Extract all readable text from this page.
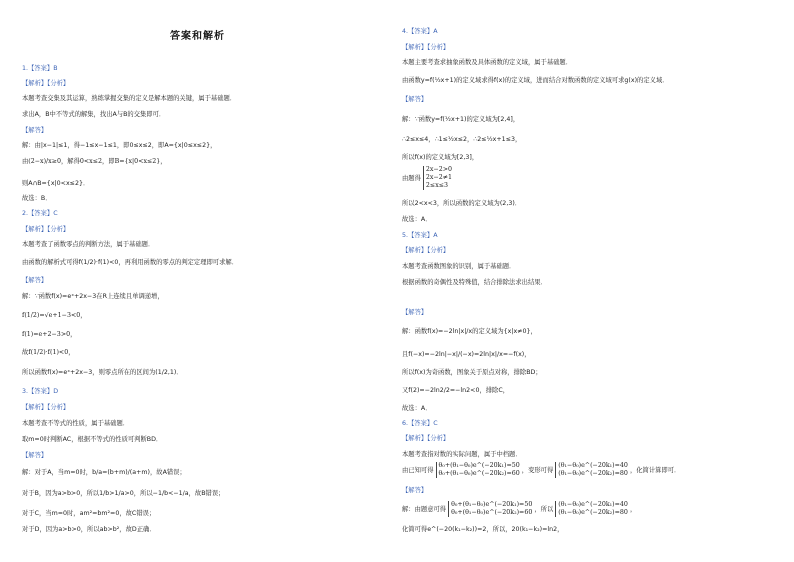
答案和解析
1.【答案】B
【解析】【分析】
本题考查交集及其运算，熟练掌握交集的定义是解本题的关键，属于基础题．
求出A，B中不等式的解集，找出A与B的交集即可．
【解答】
解：由|x−1|≤1，得−1≤x−1≤1，即0≤x≤2，即A={x|0≤x≤2}，
由(2−x)/x≥0，解得0<x≤2，即B={x|0<x≤2}，
则A∩B={x|0<x≤2}．
故选：B．
2.【答案】C
【解析】【分析】
本题考查了函数零点的判断方法，属于基础题．
由函数的解析式可得f(1/2)·f(1)<0，再利用函数的零点的判定定理即可求解．
【解答】
解：∵函数f(x)=eˣ+2x−3在R上连续且单调递增，
f(1/2)=√e+1−3<0，
f(1)=e+2−3>0，
故f(1/2)·f(1)<0，
所以函数f(x)=eˣ+2x−3，则零点所在的区间为(1/2,1)．
3.【答案】D
【解析】【分析】
本题考查不等式的性质，属于基础题．
取m=0时判断AC，根据不等式的性质可判断BD．
【解答】
解：对于A，当m=0时，b/a=(b+m)/(a+m)，故A错误；
对于B，因为a>b>0，所以1/b>1/a>0，所以−1/b<−1/a，故B错误；
对于C，当m=0时，am²=bm²=0，故C错误；
对于D，因为a>b>0，所以ab>b²，故D正确．
由题得 2x−2>0
2x−2≠1
2≤x≤3
由已知可得 θ₀+(θ₁−θ₀)e^(−20k₁)=50
θ₀+(θ₁−θ₀)e^(−20k₂)=60 ，变形可得 (θ₁−θ₀)e^(−20k₁)=40
(θ₁−θ₀)e^(−20k₂)=80 ，化简计算即可．
解：由题意可得 θ₀+(θ₁−θ₀)e^(−20k₁)=50
θ₀+(θ₁−θ₀)e^(−20k₂)=60 ，所以 (θ₁−θ₀)e^(−20k₁)=40
(θ₁−θ₀)e^(−20k₂)=80 ，
4.【答案】A
【解析】【分析】
本题主要考查求抽象函数及具体函数的定义域，属于基础题．
由函数y=f(½x+1)的定义域求得f(x)的定义域，进而结合对数函数的定义域可求g(x)的定义域．
【解答】
解：∵函数y=f(½x+1)的定义域为[2,4]，
∴2≤x≤4，∴1≤½x≤2，∴2≤½x+1≤3，
所以f(x)的定义域为[2,3]，
所以2<x<3，所以函数的定义域为(2,3)．
故选：A．
5.【答案】A
【解析】【分析】
本题考查函数图象的识别，属于基础题．
根据函数的奇偶性及特殊值，结合排除法求出结果．
【解答】
解：函数f(x)=−2ln|x|/x的定义域为{x|x≠0}，
且f(−x)=−2ln|−x|/(−x)=2ln|x|/x=−f(x)，
所以f(x)为奇函数，图象关于原点对称，排除BD；
又f(2)=−2ln2/2=−ln2<0，排除C，
故选：A．
6.【答案】C
【解析】【分析】
本题考查指对数的实际问题，属于中档题．
【解答】
化简可得e^(−20(k₁−k₂))=2，所以，20(k₁−k₂)=ln2，
